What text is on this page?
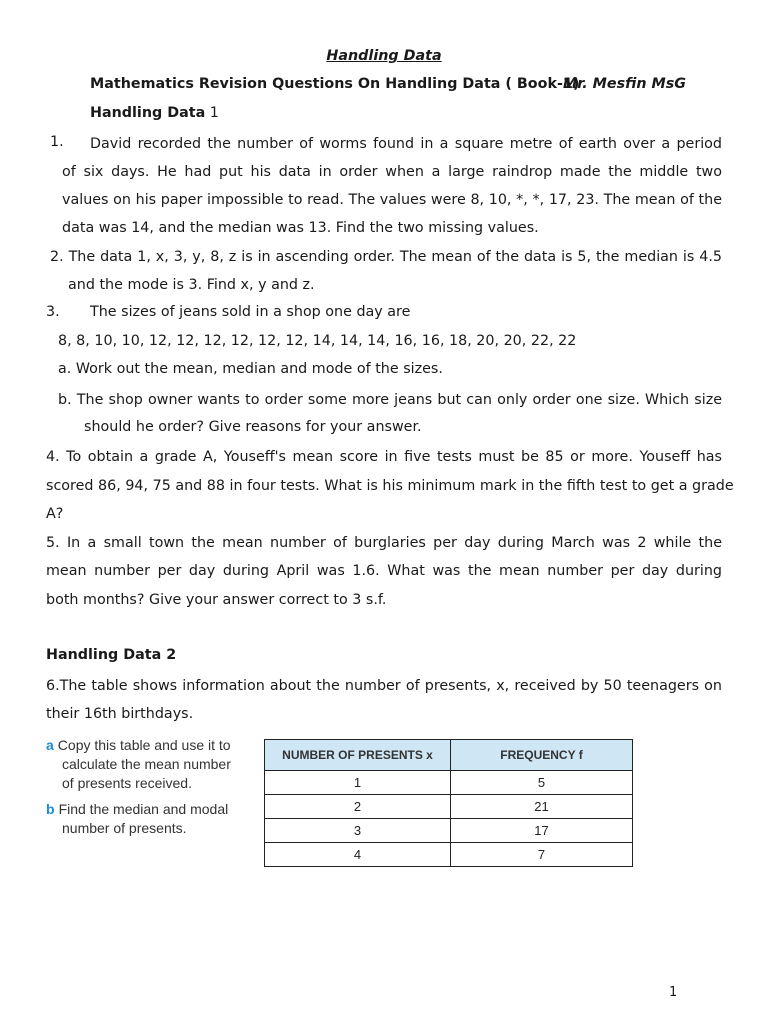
Handling Data
Mathematics Revision Questions On Handling Data ( Book-1)
Mr. Mesfin MsG
Handling Data 1
1. David recorded the number of worms found in a square metre of earth over a period
of six days. He had put his data in order when a large raindrop made the middle two
values on his paper impossible to read. The values were 8, 10, *, *, 17, 23. The mean of the
data was 14, and the median was 13. Find the two missing values.
2. The data 1, x, 3, y, 8, z is in ascending order. The mean of the data is 5, the median is 4.5
and the mode is 3. Find x, y and z.
3. The sizes of jeans sold in a shop one day are
8, 8, 10, 10, 12, 12, 12, 12, 12, 12, 14, 14, 14, 16, 16, 18, 20, 20, 22, 22
a. Work out the mean, median and mode of the sizes.
b. The shop owner wants to order some more jeans but can only order one size. Which size
should he order? Give reasons for your answer.
4. To obtain a grade A, Youseff's mean score in five tests must be 85 or more. Youseff has
scored 86, 94, 75 and 88 in four tests. What is his minimum mark in the fifth test to get a grade
A?
5. In a small town the mean number of burglaries per day during March was 2 while the
mean number per day during April was 1.6. What was the mean number per day during
both months? Give your answer correct to 3 s.f.
Handling Data 2
6.The table shows information about the number of presents, x, received by 50 teenagers on
their 16th birthdays.
a Copy this table and use it to
calculate the mean number
of presents received.
b Find the median and modal
number of presents.
NUMBER OF PRESENTS x	FREQUENCY f
1	5
2	21
3	17
4	7
1
